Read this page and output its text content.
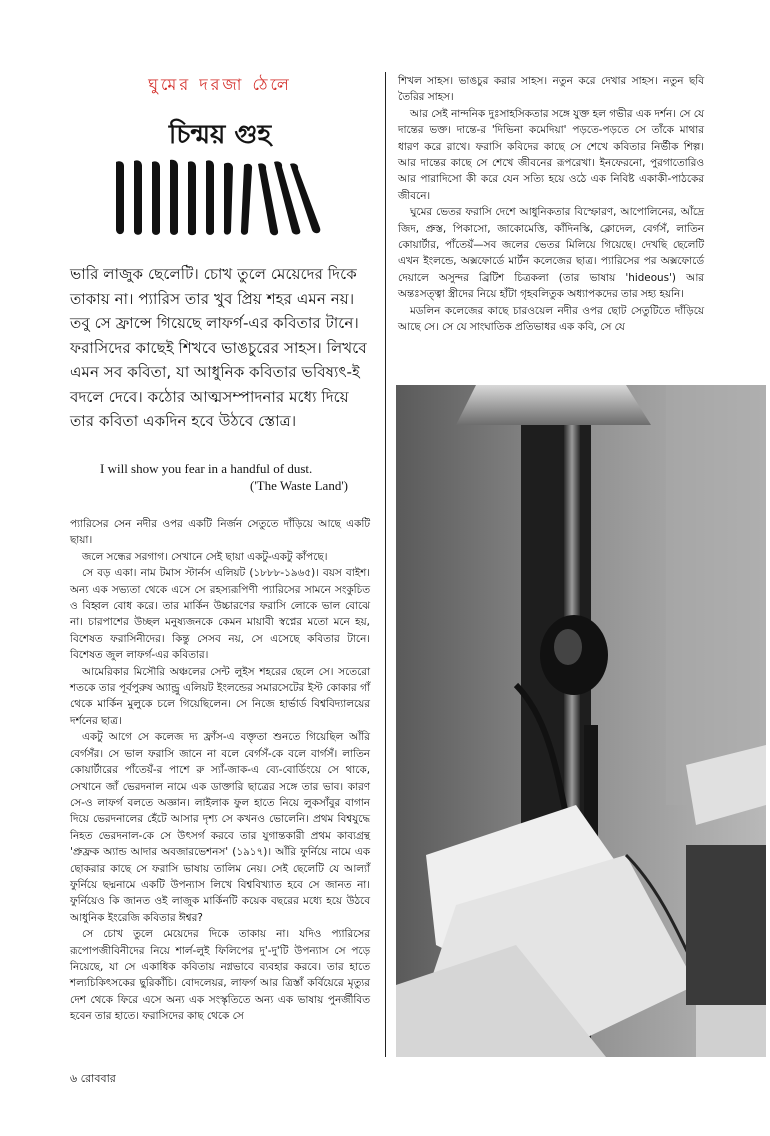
ঘুমের দরজা ঠেলে
চিন্ময় গুহ
ভারি লাজুক ছেলেটি। চোখ তুলে মেয়েদের দিকে তাকায় না। প্যারিস তার খুব প্রিয় শহর এমন নয়। তবু সে ফ্রান্সে গিয়েছে লাফর্গ-এর কবিতার টানে। ফরাসিদের কাছেই শিখবে ভাঙচুরের সাহস। লিখবে এমন সব কবিতা, যা আধুনিক কবিতার ভবিষ্যৎ-ই বদলে দেবে। কঠোর আত্মসম্পাদনার মধ্যে দিয়ে তার কবিতা একদিন হবে উঠবে স্তোত্র।
I will show you fear in a handful of dust.
('The Waste Land')

প্যারিসের সেন নদীর ওপর একটি নির্জন সেতুতে দাঁড়িয়ে আছে একটি ছায়া।

জলে সন্ধের সরগাগ। সেখানে সেই ছায়া একটু-একটু কাঁপছে।

সে বড় একা। নাম টমাস স্টার্নস এলিয়ট (১৮৮৮-১৯৬৫)। বয়স বাইশ। অন্য এক সভ্যতা থেকে এসে সে রহস্যরূপিণী প্যারিসের সামনে সংকুচিত ও বিহ্বল বোধ করে। তার মার্কিন উচ্চারণের ফরাসি লোকে ভাল বোঝে না। চারপাশের উচ্ছল মনুষ্যজনকে কেমন মায়াবী স্বপ্নের মতো মনে হয়, বিশেষত ফরাসিনীদের। কিন্তু সেসব নয়, সে এসেছে কবিতার টানে। বিশেষত জুল লাফর্গ-এর কবিতার।

আমেরিকার মিসৌরি অঞ্চলের সেন্ট লুইস শহরের ছেলে সে। সতেরো শতকে তার পূর্বপুরুষ অ্যান্ড্রু এলিয়ট ইংলন্ডের সমারসেটের ইস্ট কোকার গাঁ থেকে মার্কিন মুলুকে চলে গিয়েছিলেন। সে নিজে হার্ভার্ড বিশ্ববিদ্যালয়ের দর্শনের ছাত্র।

একটু আগে সে কলেজ দ্য ফ্রাঁস-এ বক্তৃতা শুনতে গিয়েছিল আঁরি বের্গসঁর। সে ভাল ফরাসি জানে না বলে বের্গসঁ-কে বলে বার্গসঁ। লাতিন কোয়ার্টারের পাঁতেয়ঁ-র পাশে রু স্যাঁ-জাক-এ ব্যে-বোর্ডিংয়ে সে থাকে, সেখানে জাঁ ভেরদনাল নামে এক ডাক্তারি ছাত্রের সঙ্গে তার ভাব। কারণ সে-ও লাফর্গ বলতে অজ্ঞান। লাইলাক ফুল হাতে নিয়ে লুকসাঁবুর বাগান দিয়ে ভেরদনালের হেঁটে আসার দৃশ্য সে কখনও ভোলেনি। প্রথম বিশ্বযুদ্ধে নিহত ভেরদনাল-কে সে উৎসর্গ করবে তার যুগান্তকারী প্রথম কাব্যগ্রন্থ 'প্রুফ্রক অ্যান্ড আদার অবজারভেশনস' (১৯১৭)। আঁরি ফুর্নিয়ে নামে এক ছোকরার কাছে সে ফরাসি ভাষায় তালিম নেয়। সেই ছেলেটি যে আল্যাঁ ফুর্নিয়ে ছদ্মনামে একটি উপন্যাস লিখে বিশ্ববিখ্যাত হবে সে জানত না। ফুর্নিয়েও কি জানত ওই লাজুক মার্কিনটি কয়েক বছরের মধ্যে হয়ে উঠবে আধুনিক ইংরেজি কবিতার ঈশ্বর?

সে চোখ তুলে মেয়েদের দিকে তাকায় না। যদিও প্যারিসের রূপোপজীবিনীদের নিয়ে শার্ল-লুই ফিলিপের দু'-দু'টি উপন্যাস সে পড়ে নিয়েছে, যা সে একাধিক কবিতায় নগ্নভাবে ব্যবহার করবে। তার হাতে শল্যচিকিৎসকের ছুরিকাঁচি। বোদলেয়র, লাফর্গ আর ত্রিস্তাঁ কর্বিয়েরে মৃত্যুর দেশ থেকে ফিরে এসে অন্য এক সংস্কৃতিতে অন্য এক ভাষায় পুনর্জীবিত হবেন তার হাতে। ফরাসিদের কাছ থেকে সে

শিখল সাহস। ভাঙচুর করার সাহস। নতুন করে দেখার সাহস। নতুন ছবি তৈরির সাহস।

আর সেই নান্দনিক দুঃসাহসিকতার সঙ্গে যুক্ত হল গভীর এক দর্শন। সে যে দান্তের ভক্ত। দান্তে-র 'দিভিনা কমেদিয়া' পড়তে-পড়তে সে তাঁকে মাথার ধারণ করে রাখে। ফরাসি কবিদের কাছে সে শেখে কবিতার নির্ভীক শিল্প। আর দান্তের কাছে সে শেখে জীবনের রূপরেখা। ইনফেরনো, পুরগাতোরিও আর পারাদিসো কী করে যেন সত্যি হয়ে ওঠে এক নিবিষ্ট একাকী-পাঠকের জীবনে।

ঘুমের ভেতর ফরাসি দেশে আধুনিকতার বিস্ফোরণ, আপোলিনের, আঁদ্রে জিদ, প্রুস্ত, পিকাসো, জাকোমেত্তি, কাঁদিনস্কি, ক্লোদেল, বের্গসঁ, লাতিন কোয়ার্টার, পাঁতেয়ঁ—সব জলের ভেতর মিলিয়ে গিয়েছে। দেখছি ছেলেটি এখন ইংলন্ডে, অক্সফোর্ডে মার্টন কলেজের ছাত্র। প্যারিসের পর অক্সফোর্ডে দেয়ালে অসুন্দর ব্রিটিশ চিত্রকলা (তার ভাষায় 'hideous') আর অন্তঃসত্ত্বা স্ত্রীদের নিয়ে হাঁটা গৃহবলিতুক অধ্যাপকদের তার সহ্য হয়নি।

মডলিন কলেজের কাছে চারওয়েল নদীর ওপর ছোট সেতুটিতে দাঁড়িয়ে আছে সে। সে যে সাংঘাতিক প্রতিভাধর এক কবি, সে যে

৬ রোববার
